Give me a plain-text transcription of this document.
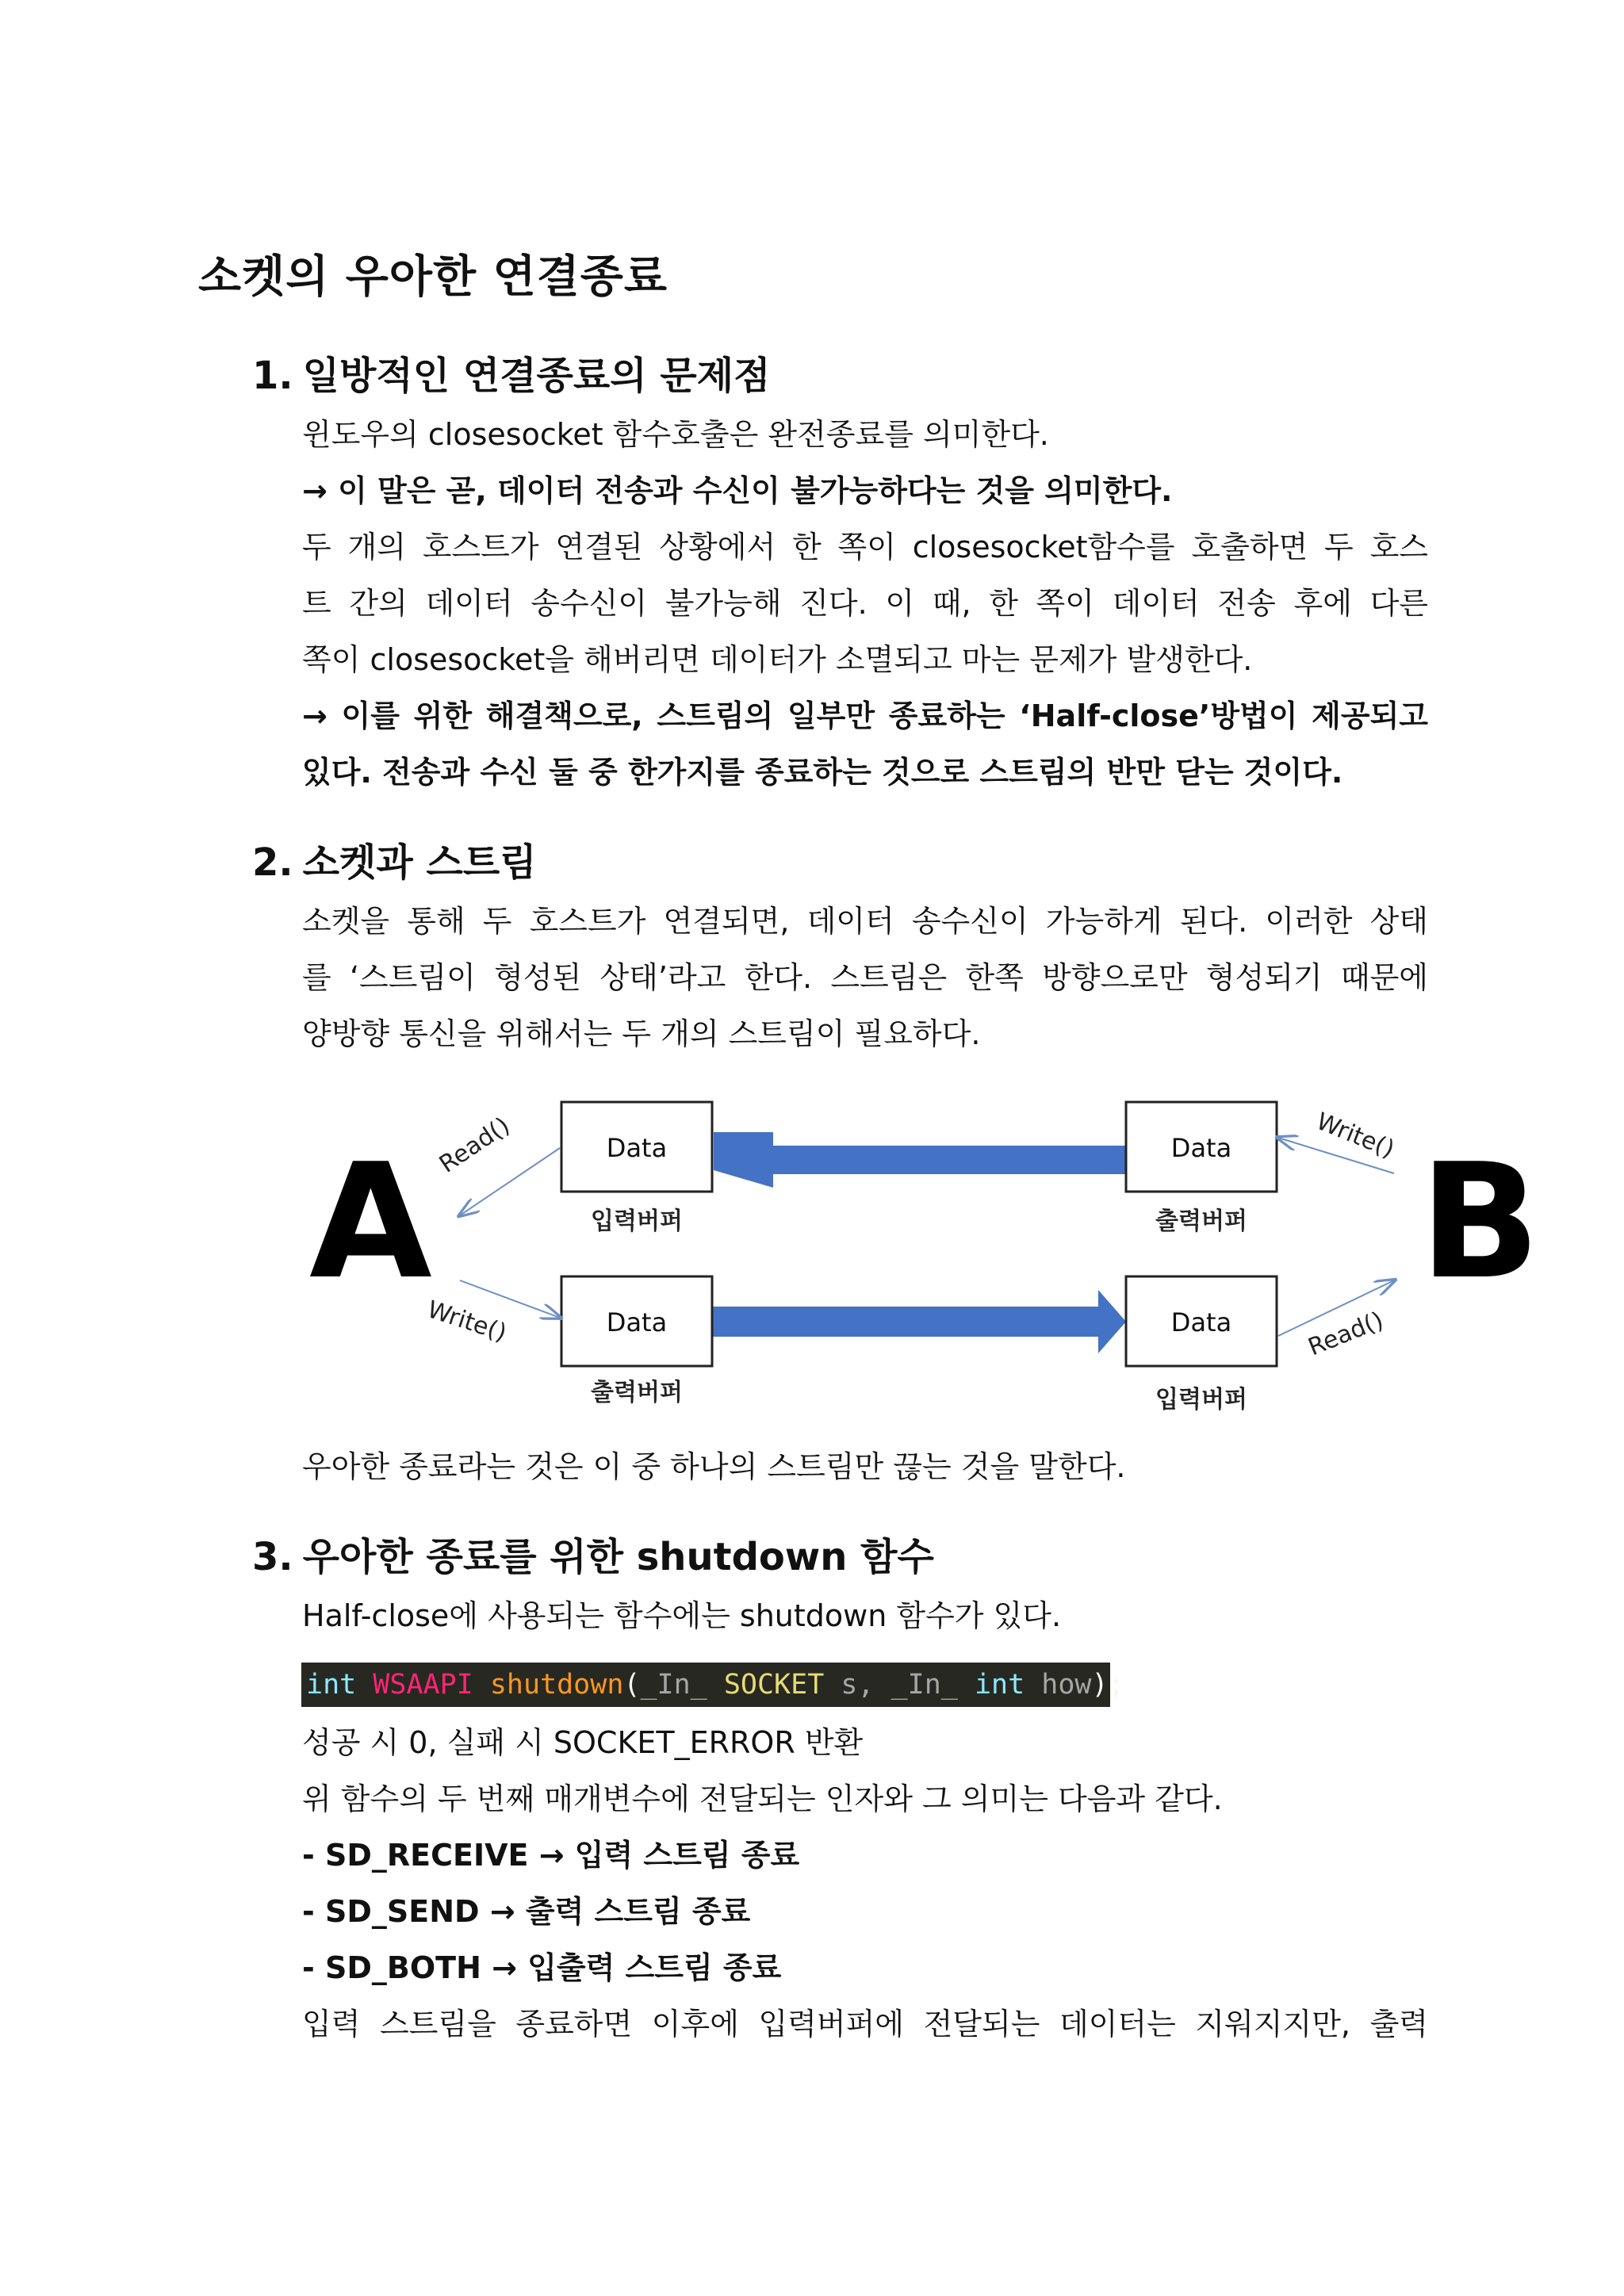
소켓의 우아한 연결종료
1. 일방적인 연결종료의 문제점
윈도우의 closesocket 함수호출은 완전종료를 의미한다.
→ 이 말은 곧, 데이터 전송과 수신이 불가능하다는 것을 의미한다.
두 개의 호스트가 연결된 상황에서 한 쪽이 closesocket함수를 호출하면 두 호스
트 간의 데이터 송수신이 불가능해 진다. 이 때, 한 쪽이 데이터 전송 후에 다른
쪽이 closesocket을 해버리면 데이터가 소멸되고 마는 문제가 발생한다.
→ 이를 위한 해결책으로, 스트림의 일부만 종료하는 ‘Half-close’방법이 제공되고
있다. 전송과 수신 둘 중 한가지를 종료하는 것으로 스트림의 반만 닫는 것이다.
2. 소켓과 스트림
소켓을 통해 두 호스트가 연결되면, 데이터 송수신이 가능하게 된다. 이러한 상태
를 ‘스트림이 형성된 상태’라고 한다. 스트림은 한쪽 방향으로만 형성되기 때문에
양방향 통신을 위해서는 두 개의 스트림이 필요하다.
A	B
Data	Data
입력버퍼	출력버퍼
Data	Data
출력버퍼	입력버퍼
Read()
Write()
Write()
Read()
우아한 종료라는 것은 이 중 하나의 스트림만 끊는 것을 말한다.
3. 우아한 종료를 위한 shutdown 함수
Half-close에 사용되는 함수에는 shutdown 함수가 있다.
int WSAAPI shutdown(_In_ SOCKET s, _In_ int how);
성공 시 0, 실패 시 SOCKET_ERROR 반환
위 함수의 두 번째 매개변수에 전달되는 인자와 그 의미는 다음과 같다.
- SD_RECEIVE → 입력 스트림 종료
- SD_SEND → 출력 스트림 종료
- SD_BOTH → 입출력 스트림 종료
입력 스트림을 종료하면 이후에 입력버퍼에 전달되는 데이터는 지워지지만, 출력
